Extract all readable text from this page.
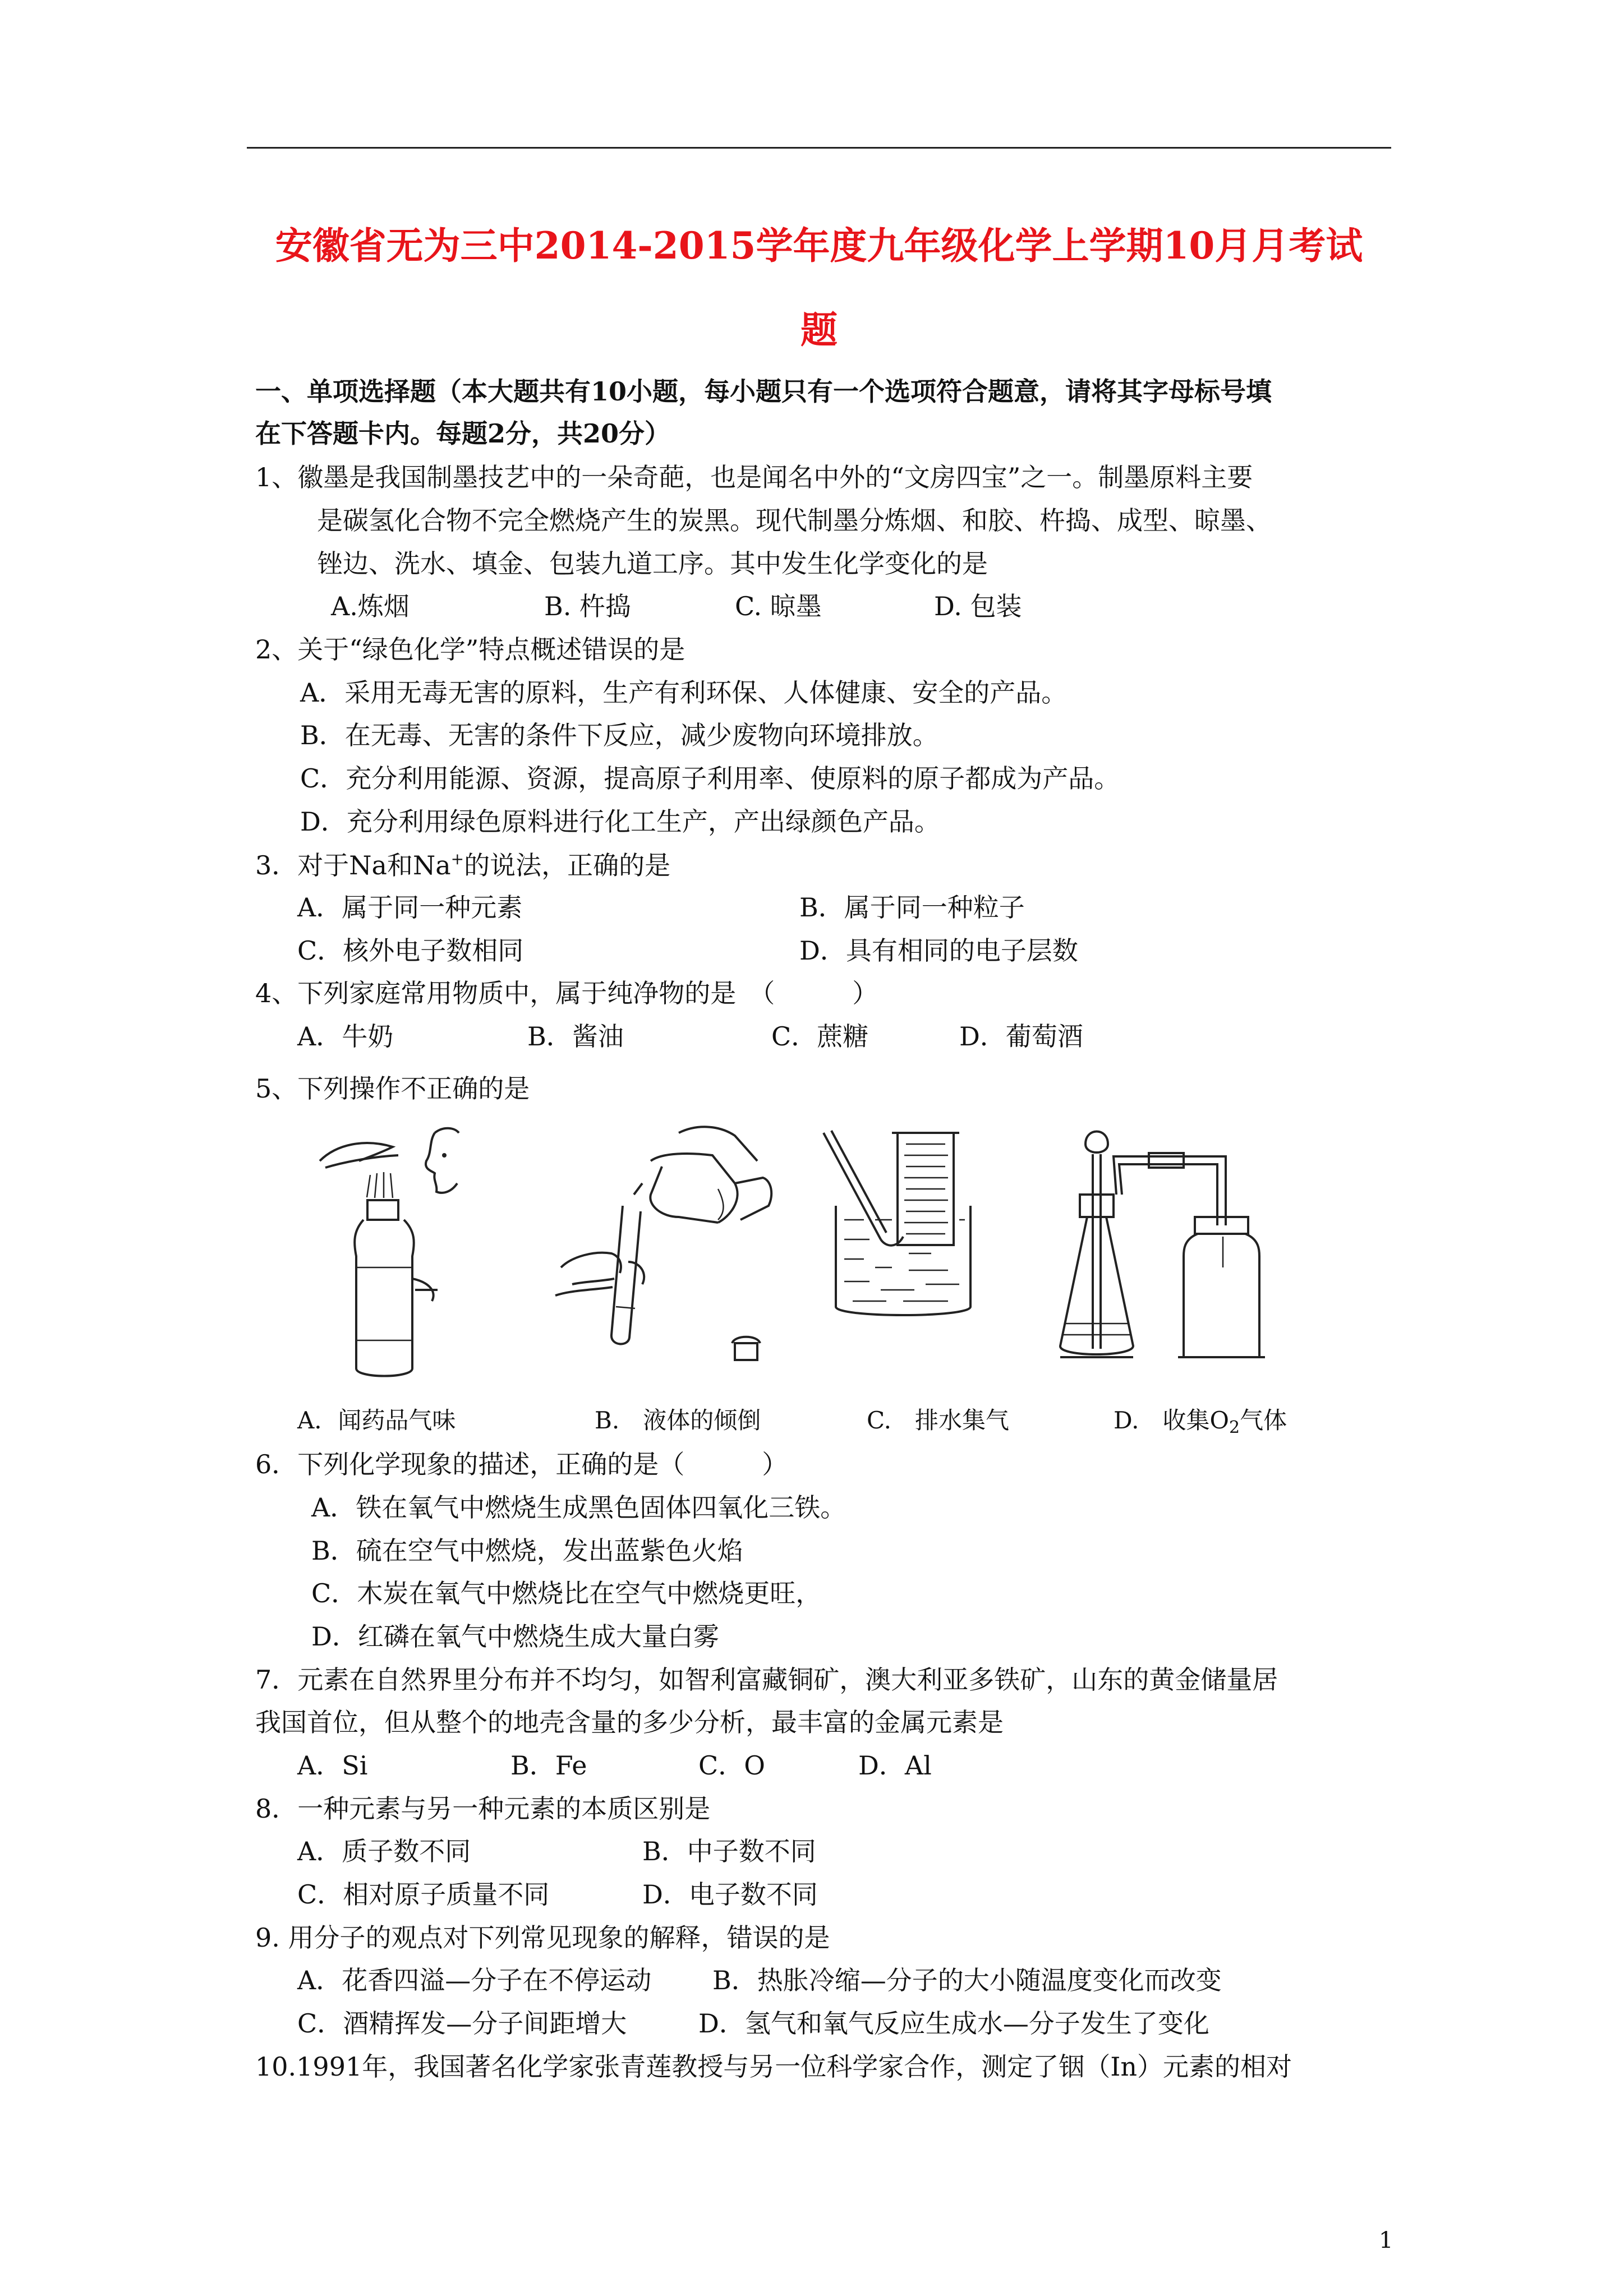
安徽省无为三中2014-2015学年度九年级化学上学期10月月考试
题
一、单项选择题（本大题共有10小题，每小题只有一个选项符合题意，请将其字母标号填
在下答题卡内。每题2分，共20分）
1、徽墨是我国制墨技艺中的一朵奇葩，也是闻名中外的“文房四宝”之一。制墨原料主要
是碳氢化合物不完全燃烧产生的炭黑。现代制墨分炼烟、和胶、杵捣、成型、晾墨、
锉边、洗水、填金、包装九道工序。其中发生化学变化的是
A.炼烟	B. 杵捣	C. 晾墨	D. 包装
2、关于“绿色化学”特点概述错误的是
A．采用无毒无害的原料，生产有利环保、人体健康、安全的产品。
B．在无毒、无害的条件下反应，减少废物向环境排放。
C．充分利用能源、资源，提高原子利用率、使原料的原子都成为产品。
D．充分利用绿色原料进行化工生产，产出绿颜色产品。
3．对于Na和Na+的说法，正确的是
A．属于同一种元素	B．属于同一种粒子
C．核外电子数相同	D．具有相同的电子层数
4、下列家庭常用物质中，属于纯净物的是　（　　　）
A．牛奶	B．酱油	C．蔗糖	D．葡萄酒
5、下列操作不正确的是
A．闻药品气味	B.　液体的倾倒	C.　排水集气	D.　收集$O_2$气体
6．下列化学现象的描述，正确的是（　　　）
A．铁在氧气中燃烧生成黑色固体四氧化三铁。
B．硫在空气中燃烧，发出蓝紫色火焰
C．木炭在氧气中燃烧比在空气中燃烧更旺，
D．红磷在氧气中燃烧生成大量白雾
7．元素在自然界里分布并不均匀，如智利富藏铜矿，澳大利亚多铁矿，山东的黄金储量居
我国首位，但从整个的地壳含量的多少分析，最丰富的金属元素是
A．Si	B．Fe	C．O	D．Al
8．一种元素与另一种元素的本质区别是
A．质子数不同	B．中子数不同
C．相对原子质量不同	D．电子数不同
9. 用分子的观点对下列常见现象的解释，错误的是
A．花香四溢—分子在不停运动 B．热胀冷缩—分子的大小随温度变化而改变
C．酒精挥发—分子间距增大	D．氢气和氧气反应生成水—分子发生了变化
10.1991年，我国著名化学家张青莲教授与另一位科学家合作，测定了铟（In）元素的相对
1
